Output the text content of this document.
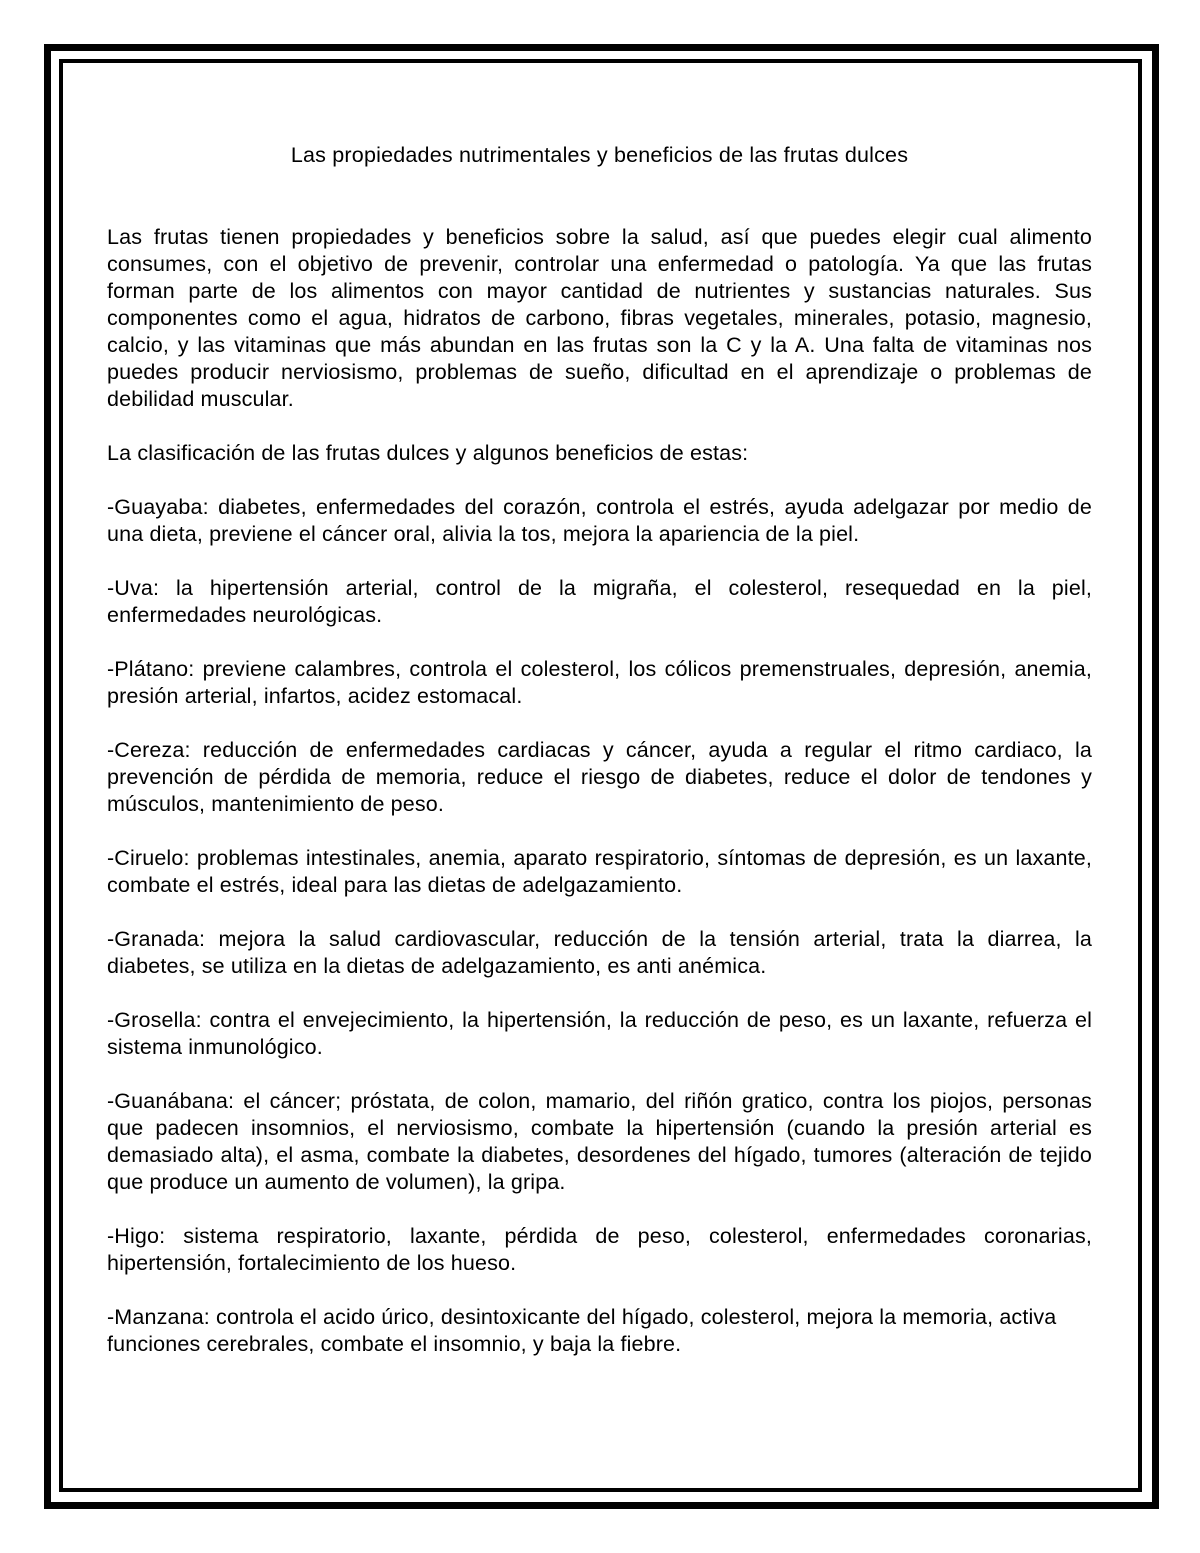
Las propiedades nutrimentales y beneficios de las frutas dulces

Las frutas tienen propiedades y beneficios sobre la salud, así que puedes elegir cual alimento consumes, con el objetivo de prevenir, controlar una enfermedad o patología. Ya que las frutas forman parte de los alimentos con mayor cantidad de nutrientes y sustancias naturales. Sus componentes como el agua, hidratos de carbono, fibras vegetales, minerales, potasio, magnesio, calcio, y las vitaminas que más abundan en las frutas son la C y la A. Una falta de vitaminas nos puedes producir nerviosismo, problemas de sueño, dificultad en el aprendizaje o problemas de debilidad muscular.

La clasificación de las frutas dulces y algunos beneficios de estas:

-Guayaba: diabetes, enfermedades del corazón, controla el estrés, ayuda adelgazar por medio de una dieta, previene el cáncer oral, alivia la tos, mejora la apariencia de la piel.

-Uva: la hipertensión arterial, control de la migraña, el colesterol, resequedad en la piel, enfermedades neurológicas.

-Plátano: previene calambres, controla el colesterol, los cólicos premenstruales, depresión, anemia, presión arterial, infartos, acidez estomacal.

-Cereza: reducción de enfermedades cardiacas y cáncer, ayuda a regular el ritmo cardiaco, la prevención de pérdida de memoria, reduce el riesgo de diabetes, reduce el dolor de tendones y músculos, mantenimiento de peso.

-Ciruelo: problemas intestinales, anemia, aparato respiratorio, síntomas de depresión, es un laxante, combate el estrés, ideal para las dietas de adelgazamiento.

-Granada: mejora la salud cardiovascular, reducción de la tensión arterial, trata la diarrea, la diabetes, se utiliza en la dietas de adelgazamiento, es anti anémica.

-Grosella: contra el envejecimiento, la hipertensión, la reducción de peso, es un laxante, refuerza el sistema inmunológico.

-Guanábana: el cáncer; próstata, de colon, mamario, del riñón gratico, contra los piojos, personas que padecen insomnios, el nerviosismo, combate la hipertensión (cuando la presión arterial es demasiado alta), el asma, combate la diabetes, desordenes del hígado, tumores (alteración de tejido que produce un aumento de volumen), la gripa.

-Higo: sistema respiratorio, laxante, pérdida de peso, colesterol, enfermedades coronarias, hipertensión, fortalecimiento de los hueso.

-Manzana: controla el acido úrico, desintoxicante del hígado, colesterol, mejora la memoria, activa funciones cerebrales, combate el insomnio, y baja la fiebre.
